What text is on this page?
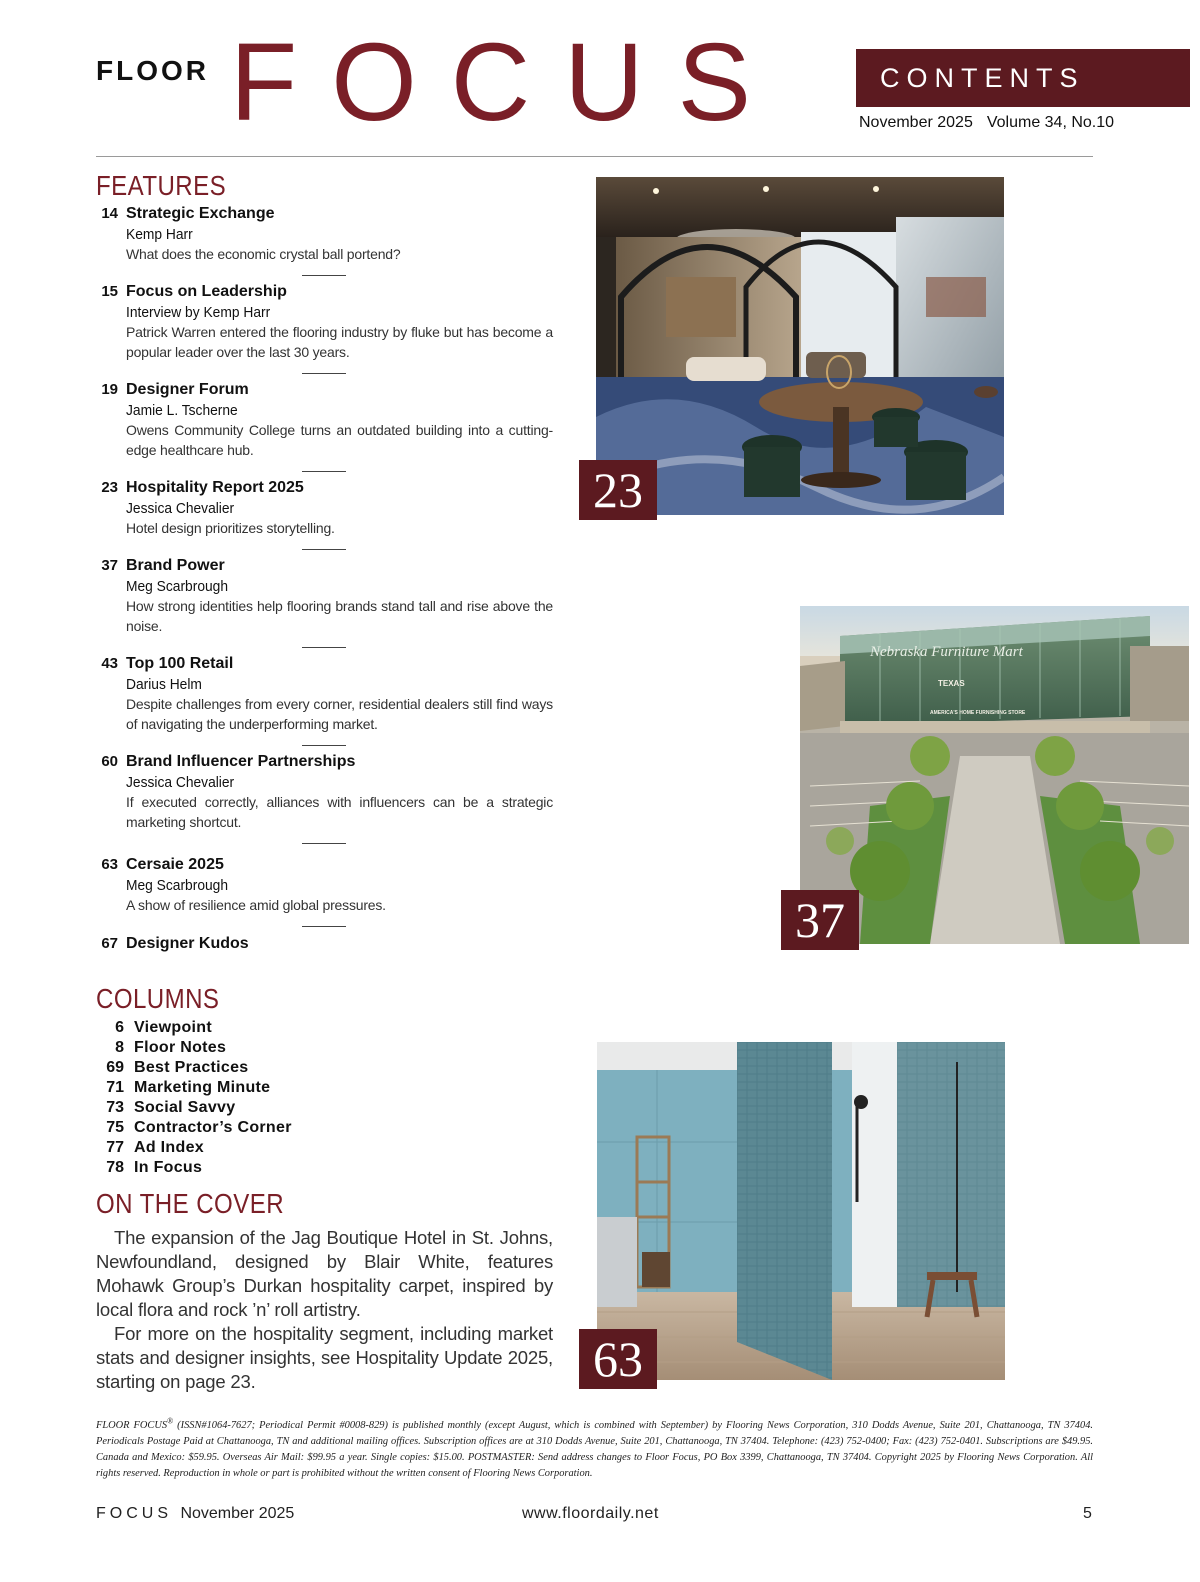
FLOOR FOCUS	CONTENTS
November 2025 Volume 34, No.10
FEATURES
14 Strategic Exchange
Kemp Harr
What does the economic crystal ball portend?
15 Focus on Leadership
Interview by Kemp Harr
Patrick Warren entered the flooring industry by fluke but has become a popular leader over the last 30 years.
19 Designer Forum
Jamie L. Tscherne
Owens Community College turns an outdated building into a cutting-edge healthcare hub.
23 Hospitality Report 2025
Jessica Chevalier
Hotel design prioritizes storytelling.
37 Brand Power
Meg Scarbrough
How strong identities help flooring brands stand tall and rise above the noise.
43 Top 100 Retail
Darius Helm
Despite challenges from every corner, residential dealers still find ways of navigating the underperforming market.
60 Brand Influencer Partnerships
Jessica Chevalier
If executed correctly, alliances with influencers can be a strategic marketing shortcut.
63 Cersaie 2025
Meg Scarbrough
A show of resilience amid global pressures.
67 Designer Kudos
COLUMNS
6 Viewpoint
8 Floor Notes
69 Best Practices
71 Marketing Minute
73 Social Savvy
75 Contractor’s Corner
77 Ad Index
78 In Focus
ON THE COVER

The expansion of the Jag Boutique Hotel in St. Johns, Newfoundland, designed by Blair White, features Mohawk Group’s Durkan hospitality carpet, inspired by local flora and rock ’n’ roll artistry.

For more on the hospitality segment, including market stats and designer insights, see Hospitality Update 2025, starting on page 23.

23
Nebraska Furniture Mart
TEXAS
AMERICA'S HOME FURNISHING STORE
37
63
FLOOR FOCUS® (ISSN#1064-7627; Periodical Permit #0008-829) is published monthly (except August, which is combined with September) by Flooring News Corporation, 310 Dodds Avenue, Suite 201, Chattanooga, TN 37404. Periodicals Postage Paid at Chattanooga, TN and additional mailing offices. Subscription offices are at 310 Dodds Avenue, Suite 201, Chattanooga, TN 37404. Telephone: (423) 752-0400; Fax: (423) 752-0401. Subscriptions are $49.95. Canada and Mexico: $59.95. Overseas Air Mail: $99.95 a year. Single copies: $15.00. POSTMASTER: Send address changes to Floor Focus, PO Box 3399, Chattanooga, TN 37404. Copyright 2025 by Flooring News Corporation. All rights reserved. Reproduction in whole or part is prohibited without the written consent of Flooring News Corporation.
FOCUS November 2025	www.floordaily.net	5
